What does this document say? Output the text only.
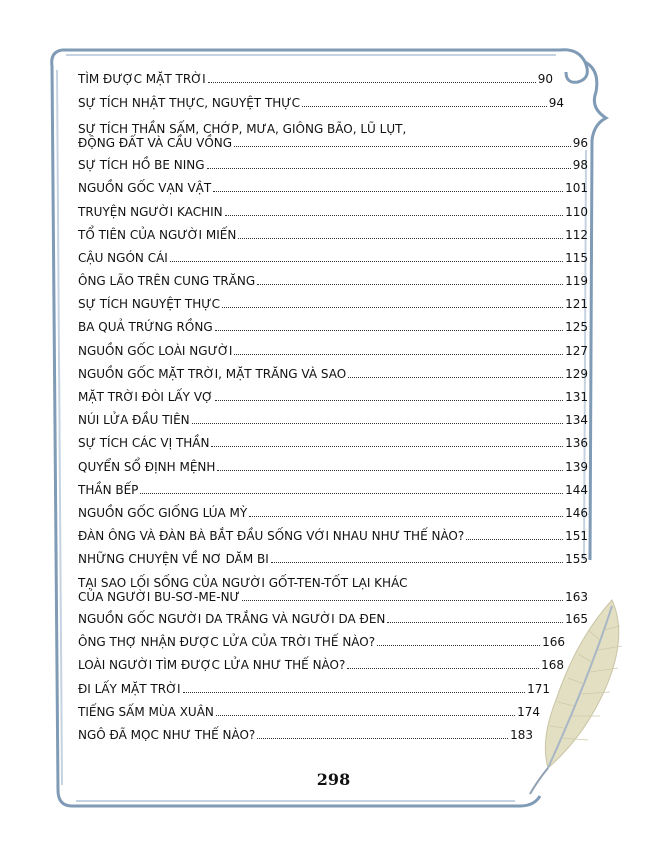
TÌM ĐƯỢC MẶT TRỜI	90
SỰ TÍCH NHẬT THỰC, NGUYỆT THỰC	94
SỰ TÍCH THẦN SẤM, CHỚP, MƯA, GIÔNG BÃO, LŨ LỤT,
ĐỘNG ĐẤT VÀ CẦU VỒNG	96
SỰ TÍCH HỒ BE NING	98
NGUỒN GỐC VẠN VẬT	101
TRUYỆN NGƯỜI KACHIN	110
TỔ TIÊN CỦA NGƯỜI MIẾN	112
CẬU NGÓN CÁI	115
ÔNG LÃO TRÊN CUNG TRĂNG	119
SỰ TÍCH NGUYỆT THỰC	121
BA QUẢ TRỨNG RỒNG	125
NGUỒN GỐC LOÀI NGƯỜI	127
NGUỒN GỐC MẶT TRỜI, MẶT TRĂNG VÀ SAO	129
MẶT TRỜI ĐÒI LẤY VỢ	131
NÚI LỬA ĐẦU TIÊN	134
SỰ TÍCH CÁC VỊ THẦN	136
QUYỂN SỔ ĐỊNH MỆNH	139
THẦN BẾP	144
NGUỒN GỐC GIỐNG LÚA MỲ	146
ĐÀN ÔNG VÀ ĐÀN BÀ BẮT ĐẦU SỐNG VỚI NHAU NHƯ THẾ NÀO?	151
NHỮNG CHUYỆN VỀ NƠ DĂM BI	155
TẠI SAO LỐI SỐNG CỦA NGƯỜI GỐT-TEN-TỐT LẠI KHÁC
CỦA NGƯỜI BU-SƠ-ME-NƯ	163
NGUỒN GỐC NGƯỜI DA TRẮNG VÀ NGƯỜI DA ĐEN	165
ÔNG THỢ NHẬN ĐƯỢC LỬA CỦA TRỜI THẾ NÀO?	166
LOÀI NGƯỜI TÌM ĐƯỢC LỬA NHƯ THẾ NÀO?	168
ĐI LẤY MẶT TRỜI	171
TIẾNG SẤM MÙA XUÂN	174
NGÔ ĐÃ MỌC NHƯ THẾ NÀO?	183
298
